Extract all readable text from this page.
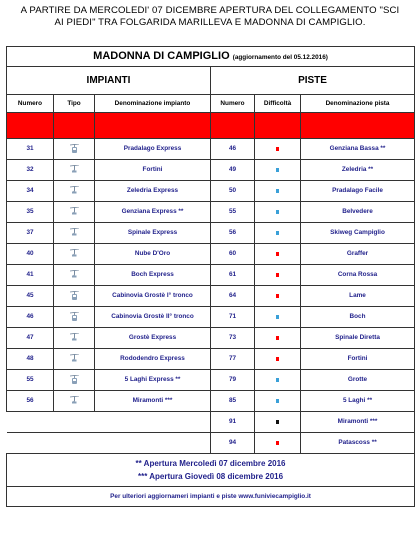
A PARTIRE DA MERCOLEDI' 07 DICEMBRE APERTURA DEL COLLEGAMENTO "SCI
AI PIEDI" TRA FOLGARIDA MARILLEVA E MADONNA DI CAMPIGLIO.
MADONNA DI CAMPIGLIO (aggiornamento del 05.12.2016)					
IMPIANTI			PISTE		
Numero	Tipo	Denominazione impianto	Numero	Difficoltà	Denominazione pista

31		Pradalago Express	46		Genziana Bassa **
32		Fortini	49		Zeledria **
34		Zeledria Express	50		Pradalago Facile
35		Genziana Express **	55		Belvedere
37		Spinale Express	56		Skiweg Campiglio
40		Nube D'Oro	60		Graffer
41		Boch Express	61		Corna Rossa
45		Cabinovia Grostè I° tronco	64		Lame
46		Cabinovia Grostè II° tronco	71		Boch
47		Grostè Express	73		Spinale Diretta
48		Rododendro Express	77		Fortini
55		5 Laghi Express **	79		Grotte
56		Miramonti ***	85		5 Laghi **
			91		Miramonti ***
			94		Patascoss **

** Apertura Mercoledì 07 dicembre 2016
*** Apertura Giovedì 08 dicembre 2016					

Per ulteriori aggiornameri impianti e piste www.funiviecampiglio.it					
